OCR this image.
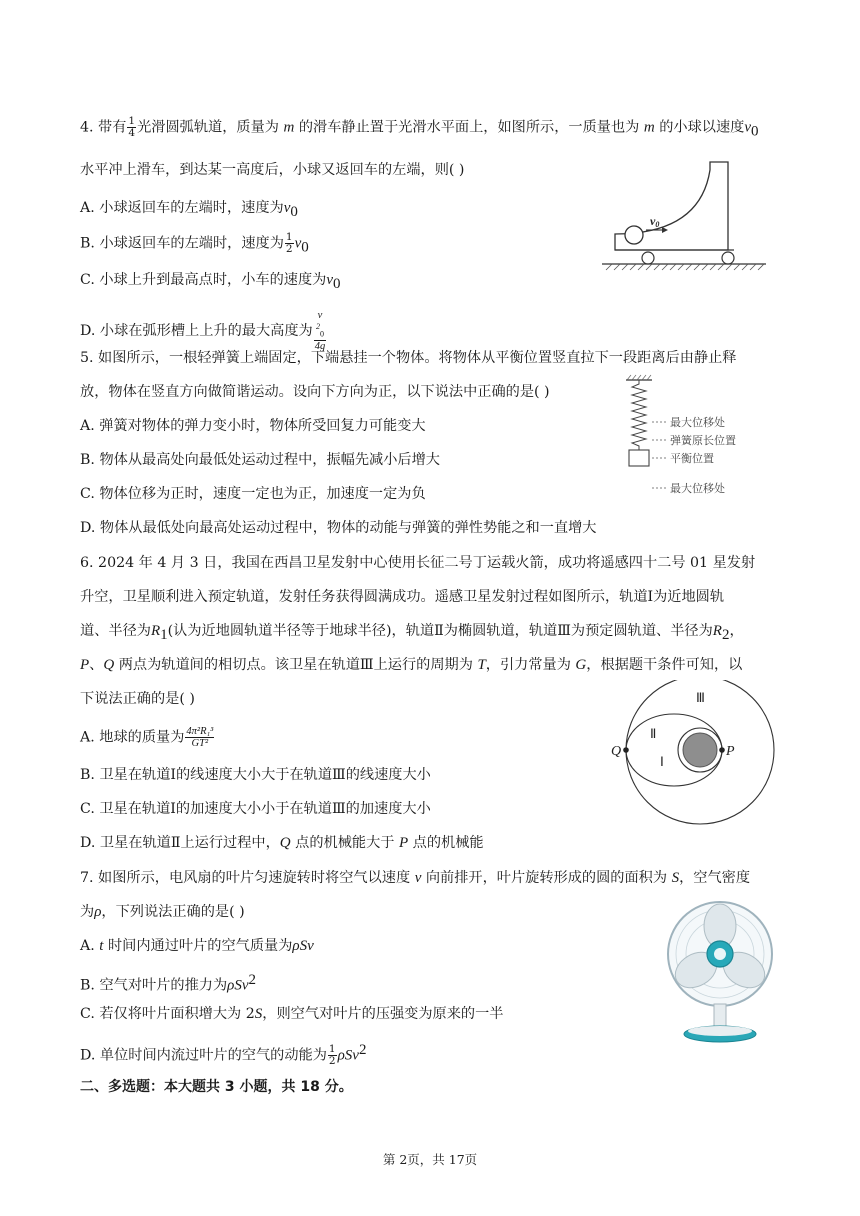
4. 带有 $\frac{1}{4}$ 光滑圆弧轨道，质量为 m 的滑车静止置于光滑水平面上，如图所示，一质量也为 m 的小球以速度$v_0$
水平冲上滑车，到达某一高度后，小球又返回车的左端，则( )
A. 小球返回车的左端时，速度为$v_0$
B. 小球返回车的左端时，速度为 $\frac{1}{2} v_0$
C. 小球上升到最高点时，小车的速度为$v_0$
D. 小球在弧形槽上上升的最大高度为 v
$^2_0$
4g
v0
5. 如图所示，一根轻弹簧上端固定，下端悬挂一个物体。将物体从平衡位置竖直拉下一段距离后由静止释
放，物体在竖直方向做简谐运动。设向下方向为正，以下说法中正确的是( )
A. 弹簧对物体的弹力变小时，物体所受回复力可能变大
B. 物体从最高处向最低处运动过程中，振幅先减小后增大
C. 物体位移为正时，速度一定也为正，加速度一定为负
D. 物体从最低处向最高处运动过程中，物体的动能与弹簧的弹性势能之和一直增大
最大位移处
弹簧原长位置
平衡位置
最大位移处
6. 2024 年 4 月 3 日，我国在西昌卫星发射中心使用长征二号丁运载火箭，成功将遥感四十二号 01 星发射
升空，卫星顺利进入预定轨道，发射任务获得圆满成功。遥感卫星发射过程如图所示，轨道Ⅰ为近地圆轨
道、半径为$R_1$(认为近地圆轨道半径等于地球半径)，轨道Ⅱ为椭圆轨道，轨道Ⅲ为预定圆轨道、半径为$R_2$，
P、Q 两点为轨道间的相切点。该卫星在轨道Ⅲ上运行的周期为 T，引力常量为 G，根据题干条件可知，以
下说法正确的是( )
A. 地球的质量为 $\frac{\text{4π²R₁³}}{\text{GT²}}$
B. 卫星在轨道Ⅰ的线速度大小大于在轨道Ⅲ的线速度大小
C. 卫星在轨道Ⅰ的加速度大小小于在轨道Ⅲ的加速度大小
D. 卫星在轨道Ⅱ上运行过程中，Q 点的机械能大于 P 点的机械能
Q	P
Ⅲ
Ⅱ
Ⅰ
7. 如图所示，电风扇的叶片匀速旋转时将空气以速度 v 向前排开，叶片旋转形成的圆的面积为 S，空气密度
为ρ，下列说法正确的是( )
A. t 时间内通过叶片的空气质量为ρSv
B. 空气对叶片的推力为ρSv$^2$
C. 若仅将叶片面积增大为 2S，则空气对叶片的压强变为原来的一半
D. 单位时间内流过叶片的空气的动能为 $\frac{1}{2} \rho Sv^2$
二、多选题：本大题共 3 小题，共 18 分。
第 2页，共 17页
